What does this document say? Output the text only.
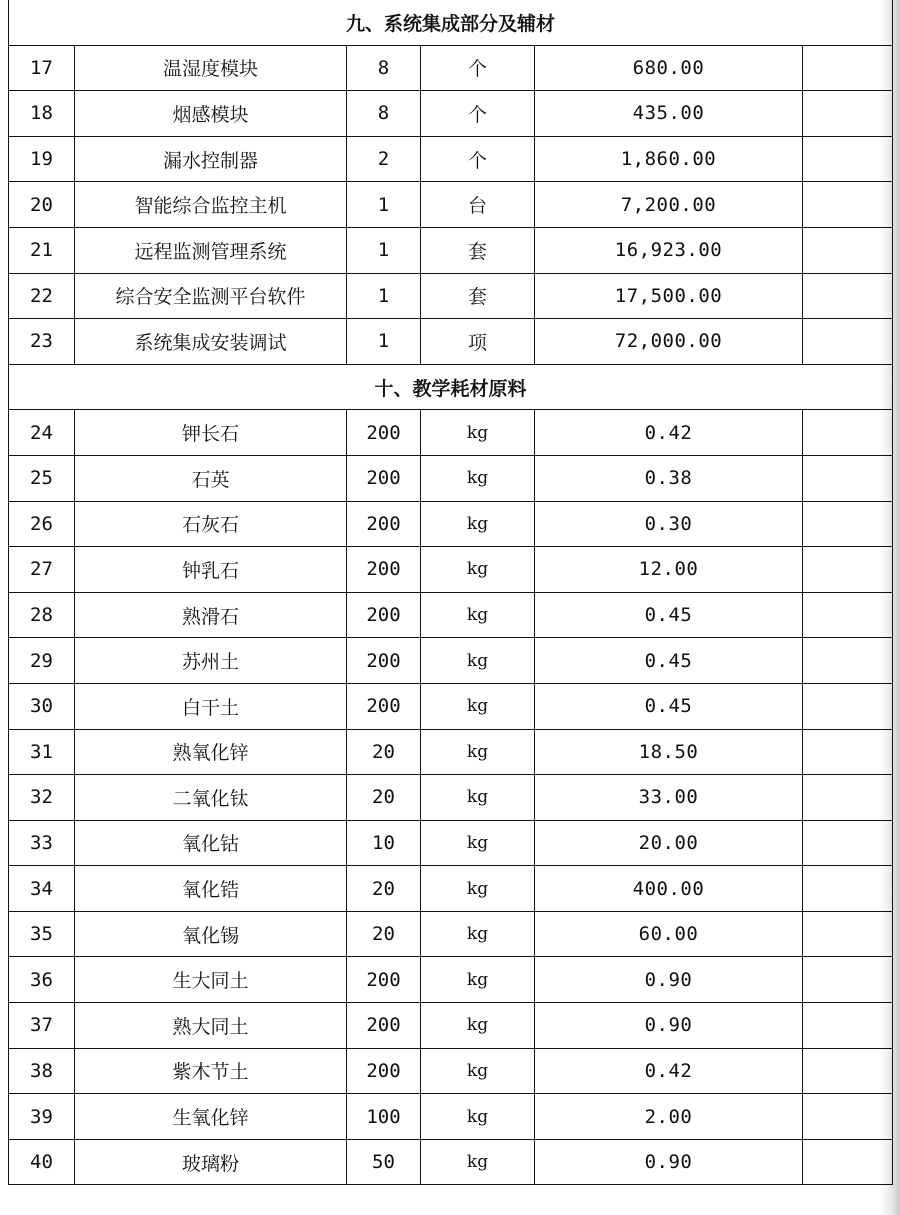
九、系统集成部分及辅材					
17	温湿度模块	8	个	680.00	
18	烟感模块	8	个	435.00	
19	漏水控制器	2	个	1,860.00	
20	智能综合监控主机	1	台	7,200.00	
21	远程监测管理系统	1	套	16,923.00	
22	综合安全监测平台软件	1	套	17,500.00	
23	系统集成安装调试	1	项	72,000.00	
十、教学耗材原料					
24	钾长石	200	kg	0.42	
25	石英	200	kg	0.38	
26	石灰石	200	kg	0.30	
27	钟乳石	200	kg	12.00	
28	熟滑石	200	kg	0.45	
29	苏州土	200	kg	0.45	
30	白干土	200	kg	0.45	
31	熟氧化锌	20	kg	18.50	
32	二氧化钛	20	kg	33.00	
33	氧化钴	10	kg	20.00	
34	氧化锆	20	kg	400.00	
35	氧化锡	20	kg	60.00	
36	生大同土	200	kg	0.90	
37	熟大同土	200	kg	0.90	
38	紫木节土	200	kg	0.42	
39	生氧化锌	100	kg	2.00	
40	玻璃粉	50	kg	0.90	
